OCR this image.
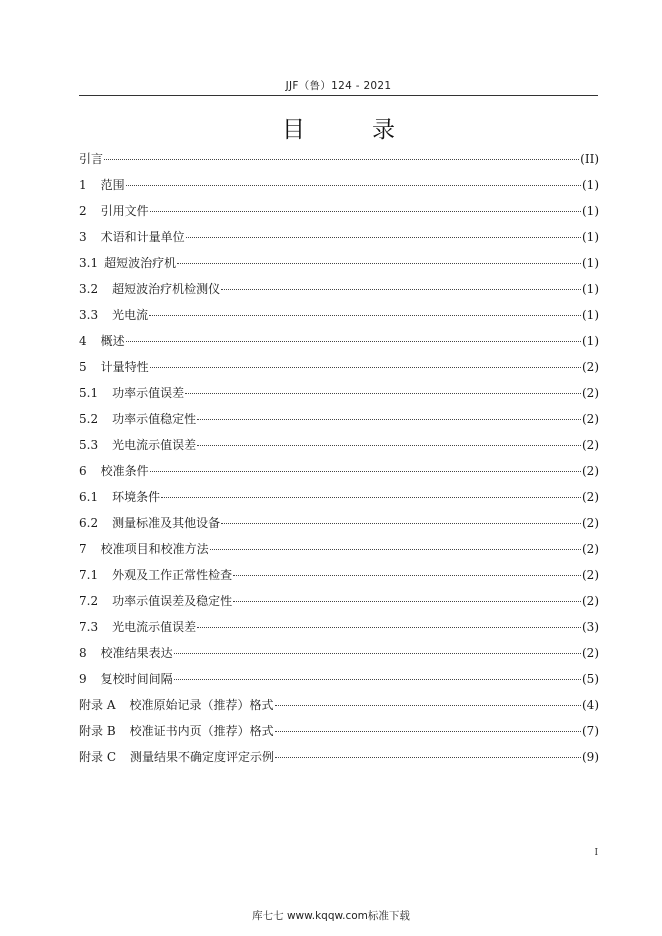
JJF（鲁）124 - 2021
目　录
引言	(II)
1 范围	(1)
2 引用文件	(1)
3 术语和计量单位	(1)
3.1 超短波治疗机	(1)
3.2 超短波治疗机检测仪	(1)
3.3 光电流	(1)
4 概述	(1)
5 计量特性	(2)
5.1 功率示值误差	(2)
5.2 功率示值稳定性	(2)
5.3 光电流示值误差	(2)
6 校准条件	(2)
6.1 环境条件	(2)
6.2 测量标准及其他设备	(2)
7 校准项目和校准方法	(2)
7.1 外观及工作正常性检查	(2)
7.2 功率示值误差及稳定性	(2)
7.3 光电流示值误差	(3)
8 校准结果表达	(2)
9 复校时间间隔	(5)
附录 A 校准原始记录（推荐）格式	(4)
附录 B 校准证书内页（推荐）格式	(7)
附录 C 测量结果不确定度评定示例	(9)
I
库七七 www.kqqw.com标准下载
